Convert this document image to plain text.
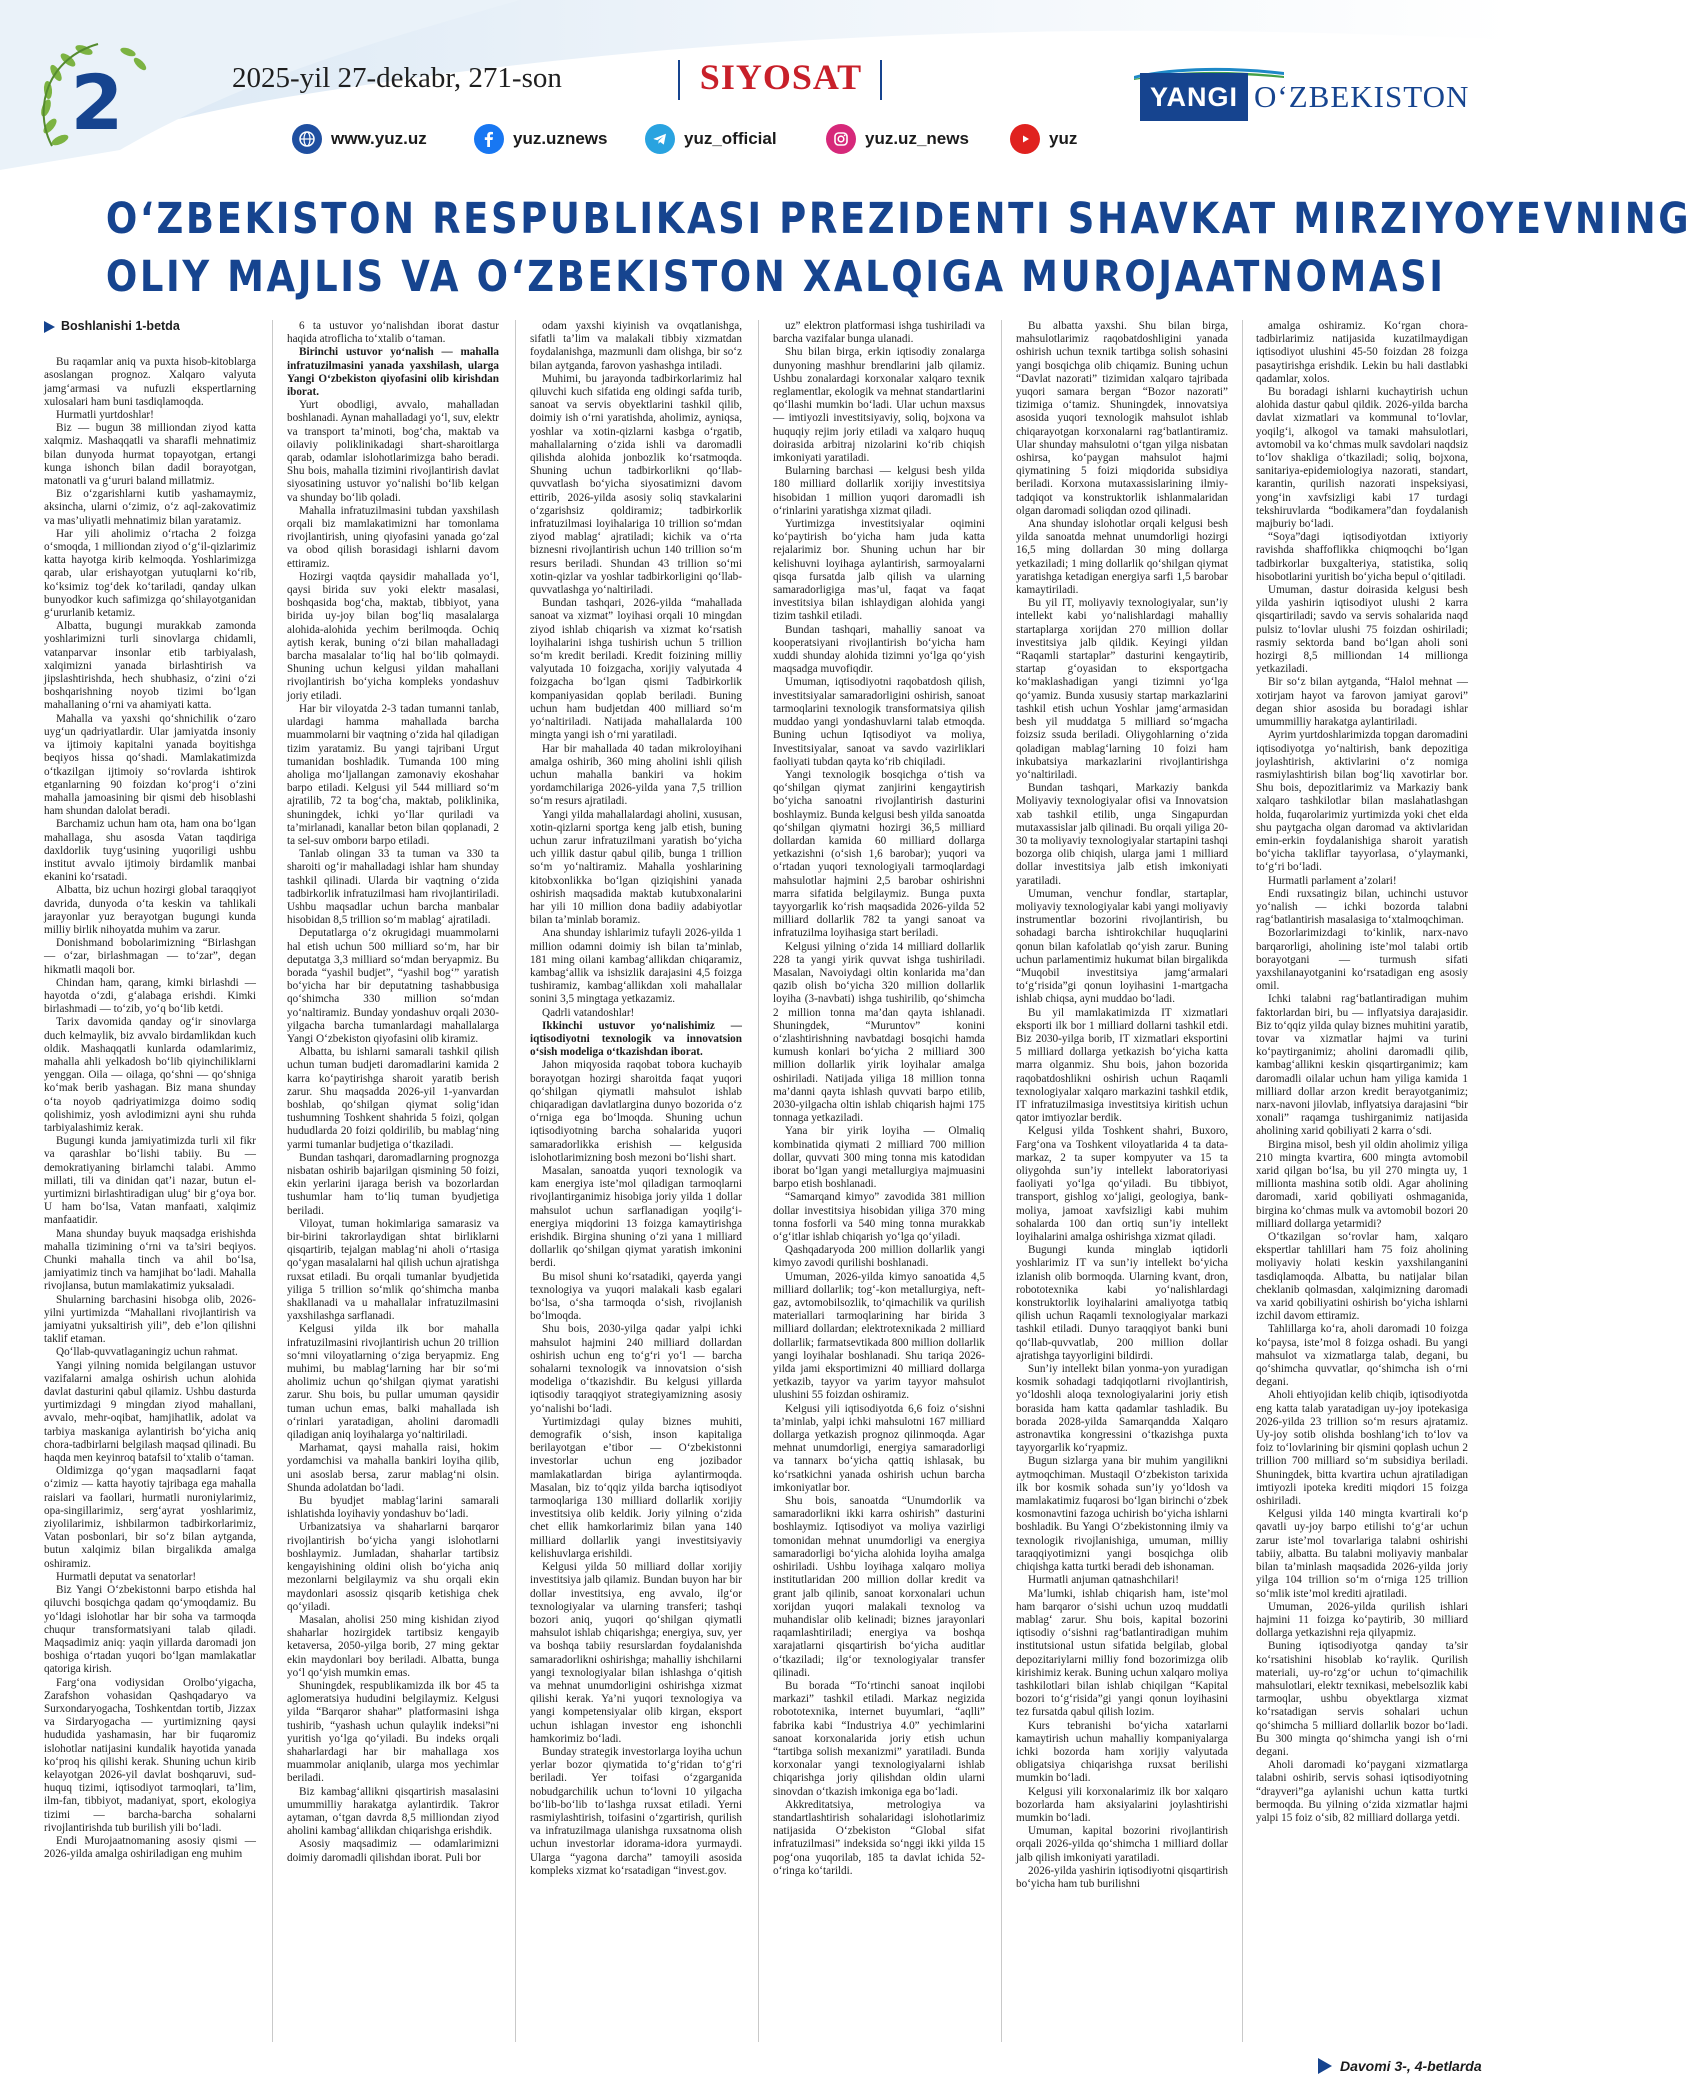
2	2025-yil 27-dekabr, 271-son	SIYOSAT	YANGI O‘ZBEKISTON
www.yuz.uz	yuz.uznews	yuz_official	yuz.uz_news	yuz
O‘ZBEKISTON RESPUBLIKASI PREZIDENTI SHAVKAT MIRZIYOYEVNING
OLIY MAJLIS VA O‘ZBEKISTON XALQIGA MUROJAATNOMASI
Boshlanishi 1-betda

Bu raqamlar aniq va puxta hisob-kitoblarga asoslangan prognoz. Xalqaro valyuta jamg‘armasi va nufuzli ekspertlarning xulosalari ham buni tasdiqlamoqda.

Hurmatli yurtdoshlar!

Biz — bugun 38 milliondan ziyod katta xalqmiz. Mashaqqatli va sharafli mehnatimiz bilan dunyoda hurmat topayotgan, ertangi kunga ishonch bilan dadil borayotgan, matonatli va g‘ururi baland millatmiz.

Biz o‘zgarishlarni kutib yashamaymiz, aksincha, ularni o‘zimiz, o‘z aql-zakovatimiz va mas’uliyatli mehnatimiz bilan yaratamiz.

Har yili aholimiz o‘rtacha 2 foizga o‘smoqda, 1 milliondan ziyod o‘g‘il-qizlarimiz katta hayotga kirib kelmoqda. Yoshlarimizga qarab, ular erishayotgan yutuqlarni ko‘rib, ko‘ksimiz tog‘dek ko‘tariladi, qanday ulkan bunyodkor kuch safimizga qo‘shilayotganidan g‘ururlanib ketamiz.

Albatta, bugungi murakkab zamonda yoshlarimizni turli sinovlarga chidamli, vatanparvar insonlar etib tarbiyalash, xalqimizni yanada birlashtirish va jipslashtirishda, hech shubhasiz, o‘zini o‘zi boshqarishning noyob tizimi bo‘lgan mahallaning o‘rni va ahamiyati katta.

Mahalla va yaxshi qo‘shnichilik o‘zaro uyg‘un qadriyatlardir. Ular jamiyatda insoniy va ijtimoiy kapitalni yanada boyitishga beqiyos hissa qo‘shadi. Mamlakatimizda o‘tkazilgan ijtimoiy so‘rovlarda ishtirok etganlarning 90 foizdan ko‘prog‘i o‘zini mahalla jamoasining bir qismi deb hisoblashi ham shundan dalolat beradi.

Barchamiz uchun ham ota, ham ona bo‘lgan mahallaga, shu asosda Vatan taqdiriga daxldorlik tuyg‘usining yuqoriligi ushbu institut avvalo ijtimoiy birdamlik manbai ekanini ko‘rsatadi.

Albatta, biz uchun hozirgi global taraqqiyot davrida, dunyoda o‘ta keskin va tahlikali jarayonlar yuz berayotgan bugungi kunda milliy birlik nihoyatda muhim va zarur.

Donishmand bobolarimizning “Birlashgan — o‘zar, birlashmagan — to‘zar”, degan hikmatli maqoli bor.

Chindan ham, qarang, kimki birlashdi — hayotda o‘zdi, g‘alabaga erishdi. Kimki birlashmadi — to‘zib, yo‘q bo‘lib ketdi.

Tarix davomida qanday og‘ir sinovlarga duch kelmaylik, biz avvalo birdamlikdan kuch oldik. Mashaqqatli kunlarda odamlarimiz, mahalla ahli yelkadosh bo‘lib qiyinchiliklarni yenggan. Oila — oilaga, qo‘shni — qo‘shniga ko‘mak berib yashagan. Biz mana shunday o‘ta noyob qadriyatimizga doimo sodiq qolishimiz, yosh avlodimizni ayni shu ruhda tarbiyalashimiz kerak.

Bugungi kunda jamiyatimizda turli xil fikr va qarashlar bo‘lishi tabiiy. Bu — demokratiyaning birlamchi talabi. Ammo millati, tili va dinidan qat’i nazar, butun el-yurtimizni birlashtiradigan ulug‘ bir g‘oya bor. U ham bo‘lsa, Vatan manfaati, xalqimiz manfaatidir.

Mana shunday buyuk maqsadga erishishda mahalla tizimining o‘rni va ta’siri beqiyos. Chunki mahalla tinch va ahil bo‘lsa, jamiyatimiz tinch va hamjihat bo‘ladi. Mahalla rivojlansa, butun mamlakatimiz yuksaladi.

Shularning barchasini hisobga olib, 2026-yilni yurtimizda “Mahallani rivojlantirish va jamiyatni yuksaltirish yili”, deb e’lon qilishni taklif etaman.

Qo‘llab-quvvatlaganingiz uchun rahmat.

Yangi yilning nomida belgilangan ustuvor vazifalarni amalga oshirish uchun alohida davlat dasturini qabul qilamiz. Ushbu dasturda yurtimizdagi 9 mingdan ziyod mahallani, avvalo, mehr-oqibat, hamjihatlik, adolat va tarbiya maskaniga aylantirish bo‘yicha aniq chora-tadbirlarni belgilash maqsad qilinadi. Bu haqda men keyinroq batafsil to‘xtalib o‘taman.

Oldimizga qo‘ygan maqsadlarni faqat o‘zimiz — katta hayotiy tajribaga ega mahalla raislari va faollari, hurmatli nuroniylarimiz, opa-singillarimiz, serg‘ayrat yoshlarimiz, ziyolilarimiz, ishbilarmon tadbirkorlarimiz, Vatan posbonlari, bir so‘z bilan aytganda, butun xalqimiz bilan birgalikda amalga oshiramiz.

Hurmatli deputat va senatorlar!

Biz Yangi O‘zbekistonni barpo etishda hal qiluvchi bosqichga qadam qo‘ymoqdamiz. Bu yo‘ldagi islohotlar har bir soha va tarmoqda chuqur transformatsiyani talab qiladi. Maqsadimiz aniq: yaqin yillarda daromadi jon boshiga o‘rtadan yuqori bo‘lgan mamlakatlar qatoriga kirish.

Farg‘ona vodiysidan Orolbo‘yigacha, Zarafshon vohasidan Qashqadaryo va Surxondaryogacha, Toshkentdan tortib, Jizzax va Sirdaryogacha — yurtimizning qaysi hududida yashamasin, har bir fuqaromiz islohotlar natijasini kundalik hayotida yanada ko‘proq his qilishi kerak. Shuning uchun kirib kelayotgan 2026-yil davlat boshqaruvi, sud-huquq tizimi, iqtisodiyot tarmoqlari, ta’lim, ilm-fan, tibbiyot, madaniyat, sport, ekologiya tizimi — barcha-barcha sohalarni rivojlantirishda tub burilish yili bo‘ladi.

Endi Murojaatnomaning asosiy qismi — 2026-yilda amalga oshiriladigan eng muhim

6 ta ustuvor yo‘nalishdan iborat dastur haqida atroflicha to‘xtalib o‘taman.

Birinchi ustuvor yo‘nalish — mahalla infratuzilmasini yanada yaxshilash, ularga Yangi O‘zbekiston qiyofasini olib kirishdan iborat.

Yurt obodligi, avvalo, mahalladan boshlanadi. Aynan mahalladagi yo‘l, suv, elektr va transport ta’minoti, bog‘cha, maktab va oilaviy poliklinikadagi shart-sharoitlarga qarab, odamlar islohotlarimizga baho beradi. Shu bois, mahalla tizimini rivojlantirish davlat siyosatining ustuvor yo‘nalishi bo‘lib kelgan va shunday bo‘lib qoladi.

Mahalla infratuzilmasini tubdan yaxshilash orqali biz mamlakatimizni har tomonlama rivojlantirish, uning qiyofasini yanada go‘zal va obod qilish borasidagi ishlarni davom ettiramiz.

Hozirgi vaqtda qaysidir mahallada yo‘l, qaysi birida suv yoki elektr masalasi, boshqasida bog‘cha, maktab, tibbiyot, yana birida uy-joy bilan bog‘liq masalalarga alohida-alohida yechim berilmoqda. Ochiq aytish kerak, buning o‘zi bilan mahalladagi barcha masalalar to‘liq hal bo‘lib qolmaydi. Shuning uchun kelgusi yildan mahallani rivojlantirish bo‘yicha kompleks yondashuv joriy etiladi.

Har bir viloyatda 2-3 tadan tumanni tanlab, ulardagi hamma mahallada barcha muammolarni bir vaqtning o‘zida hal qiladigan tizim yaratamiz. Bu yangi tajribani Urgut tumanidan boshladik. Tumanda 100 ming aholiga mo‘ljallangan zamonaviy ekoshahar barpo etiladi. Kelgusi yil 544 milliard so‘m ajratilib, 72 ta bog‘cha, maktab, poliklinika, shuningdek, ichki yo‘llar quriladi va ta’mirlanadi, kanallar beton bilan qoplanadi, 2 ta sel-suv omborи barpo etiladi.

Tanlab olingan 33 ta tuman va 330 ta sharoiti og‘ir mahalladagi ishlar ham shunday tashkil qilinadi. Ularda bir vaqtning o‘zida tadbirkorlik infratuzilmasi ham rivojlantiriladi. Ushbu maqsadlar uchun barcha manbalar hisobidan 8,5 trillion so‘m mablag‘ ajratiladi.

Deputatlarga o‘z okrugidagi muammolarni hal etish uchun 500 milliard so‘m, har bir deputatga 3,3 milliard so‘mdan beryapmiz. Bu borada “yashil budjet”, “yashil bog‘” yaratish bo‘yicha har bir deputatning tashabbusiga qo‘shimcha 330 million so‘mdan yo‘naltiramiz. Bunday yondashuv orqali 2030-yilgacha barcha tumanlardagi mahallalarga Yangi O‘zbekiston qiyofasini olib kiramiz.

Albatta, bu ishlarni samarali tashkil qilish uchun tuman budjeti daromadlarini kamida 2 karra ko‘paytirishga sharoit yaratib berish zarur. Shu maqsadda 2026-yil 1-yanvardan boshlab, qo‘shilgan qiymat solig‘idan tushumning Toshkent shahrida 5 foizi, qolgan hududlarda 20 foizi qoldirilib, bu mablag‘ning yarmi tumanlar budjetiga o‘tkaziladi.

Bundan tashqari, daromadlarning prognozga nisbatan oshirib bajarilgan qismining 50 foizi, ekin yerlarini ijaraga berish va bozorlardan tushumlar ham to‘liq tuman byudjetiga beriladi.

Viloyat, tuman hokimlariga samarasiz va bir-birini takrorlaydigan shtat birliklarni qisqartirib, tejalgan mablag‘ni aholi o‘rtasiga qo‘ygan masalalarni hal qilish uchun ajratishga ruxsat etiladi. Bu orqali tumanlar byudjetida yiliga 5 trillion so‘mlik qo‘shimcha manba shakllanadi va u mahallalar infratuzilmasini yaxshilashga sarflanadi.

Kelgusi yilda ilk bor mahalla infratuzilmasini rivojlantirish uchun 20 trillion so‘mni viloyatlarning o‘ziga beryapmiz. Eng muhimi, bu mablag‘larning har bir so‘mi aholimiz uchun qo‘shilgan qiymat yaratishi zarur. Shu bois, bu pullar umuman qaysidir tuman uchun emas, balki mahallada ish o‘rinlari yaratadigan, aholini daromadli qiladigan aniq loyihalarga yo‘naltiriladi.

Marhamat, qaysi mahalla raisi, hokim yordamchisi va mahalla bankiri loyiha qilib, uni asoslab bersa, zarur mablag‘ni olsin. Shunda adolatdan bo‘ladi.

Bu byudjet mablag‘larini samarali ishlatishda loyihaviy yondashuv bo‘ladi.

Urbanizatsiya va shaharlarni barqaror rivojlantirish bo‘yicha yangi islohotlarni boshlaymiz. Jumladan, shaharlar tartibsiz kengayishining oldini olish bo‘yicha aniq mezonlarni belgilaymiz va shu orqali ekin maydonlari asossiz qisqarib ketishiga chek qo‘yiladi.

Masalan, aholisi 250 ming kishidan ziyod shaharlar hozirgidek tartibsiz kengayib ketaversa, 2050-yilga borib, 27 ming gektar ekin maydonlari boy beriladi. Albatta, bunga yo‘l qo‘yish mumkin emas.

Shuningdek, respublikamizda ilk bor 45 ta aglomeratsiya hududini belgilaymiz. Kelgusi yilda “Barqaror shahar” platformasini ishga tushirib, “yashash uchun qulaylik indeksi”ni yuritish yo‘lga qo‘yiladi. Bu indeks orqali shaharlardagi har bir mahallaga xos muammolar aniqlanib, ularga mos yechimlar beriladi.

Biz kambag‘allikni qisqartirish masalasini umummilliy harakatga aylantirdik. Takror aytaman, o‘tgan davrda 8,5 milliondan ziyod aholini kambag‘allikdan chiqarishga erishdik.

Asosiy maqsadimiz — odamlarimizni doimiy daromadli qilishdan iborat. Puli bor

odam yaxshi kiyinish va ovqatlanishga, sifatli ta’lim va malakali tibbiy xizmatdan foydalanishga, mazmunli dam olishga, bir so‘z bilan aytganda, farovon yashashga intiladi.

Muhimi, bu jarayonda tadbirkorlarimiz hal qiluvchi kuch sifatida eng oldingi safda turib, sanoat va servis obyektlarini tashkil qilib, doimiy ish o‘rni yaratishda, aholimiz, ayniqsa, yoshlar va xotin-qizlarni kasbga o‘rgatib, mahallalarning o‘zida ishli va daromadli qilishda alohida jonbozlik ko‘rsatmoqda. Shuning uchun tadbirkorlikni qo‘llab-quvvatlash bo‘yicha siyosatimizni davom ettirib, 2026-yilda asosiy soliq stavkalarini o‘zgarishsiz qoldiramiz; tadbirkorlik infratuzilmasi loyihalariga 10 trillion so‘mdan ziyod mablag‘ ajratiladi; kichik va o‘rta biznesni rivojlantirish uchun 140 trillion so‘m resurs beriladi. Shundan 43 trillion so‘mi xotin-qizlar va yoshlar tadbirkorligini qo‘llab-quvvatlashga yo‘naltiriladi.

Bundan tashqari, 2026-yilda “mahallada sanoat va xizmat” loyihasi orqali 10 mingdan ziyod ishlab chiqarish va xizmat ko‘rsatish loyihalarini ishga tushirish uchun 5 trillion so‘m kredit beriladi. Kredit foizining milliy valyutada 10 foizgacha, xorijiy valyutada 4 foizgacha bo‘lgan qismi Tadbirkorlik kompaniyasidan qoplab beriladi. Buning uchun ham budjetdan 400 milliard so‘m yo‘naltiriladi. Natijada mahallalarda 100 mingta yangi ish o‘rni yaratiladi.

Har bir mahallada 40 tadan mikroloyihani amalga oshirib, 360 ming aholini ishli qilish uchun mahalla bankiri va hokim yordamchilariga 2026-yilda yana 7,5 trillion so‘m resurs ajratiladi.

Yangi yilda mahallalardagi aholini, xususan, xotin-qizlarni sportga keng jalb etish, buning uchun zarur infratuzilmani yaratish bo‘yicha uch yillik dastur qabul qilib, bunga 1 trillion so‘m yo‘naltiramiz. Mahalla yoshlarining kitobxonlikka bo‘lgan qiziqishini yanada oshirish maqsadida maktab kutubxonalarini har yili 10 million dona badiiy adabiyotlar bilan ta’minlab boramiz.

Ana shunday ishlarimiz tufayli 2026-yilda 1 million odamni doimiy ish bilan ta’minlab, 181 ming oilani kambag‘allikdan chiqaramiz, kambag‘allik va ishsizlik darajasini 4,5 foizga tushiramiz, kambag‘allikdan xoli mahallalar sonini 3,5 mingtaga yetkazamiz.

Qadrli vatandoshlar!

Ikkinchi ustuvor yo‘nalishimiz — iqtisodiyotni texnologik va innovatsion o‘sish modeliga o‘tkazishdan iborat.

Jahon miqyosida raqobat tobora kuchayib borayotgan hozirgi sharoitda faqat yuqori qo‘shilgan qiymatli mahsulot ishlab chiqaradigan davlatlargina dunyo bozorida o‘z o‘rniga ega bo‘lmoqda. Shuning uchun iqtisodiyotning barcha sohalarida yuqori samaradorlikka erishish — kelgusida islohotlarimizning bosh mezoni bo‘lishi shart.

Masalan, sanoatda yuqori texnologik va kam energiya iste’mol qiladigan tarmoqlarni rivojlantirganimiz hisobiga joriy yilda 1 dollar mahsulot uchun sarflanadigan yoqilg‘i-energiya miqdorini 13 foizga kamaytirishga erishdik. Birgina shuning o‘zi yana 1 milliard dollarlik qo‘shilgan qiymat yaratish imkonini berdi.

Bu misol shuni ko‘rsatadiki, qayerda yangi texnologiya va yuqori malakali kasb egalari bo‘lsa, o‘sha tarmoqda o‘sish, rivojlanish bo‘lmoqda.

Shu bois, 2030-yilga qadar yalpi ichki mahsulot hajmini 240 milliard dollardan oshirish uchun eng to‘g‘ri yo‘l — barcha sohalarni texnologik va innovatsion o‘sish modeliga o‘tkazishdir. Bu kelgusi yillarda iqtisodiy taraqqiyot strategiyamizning asosiy yo‘nalishi bo‘ladi.

Yurtimizdagi qulay biznes muhiti, demografik o‘sish, inson kapitaliga berilayotgan e’tibor — O‘zbekistonni investorlar uchun eng jozibador mamlakatlardan biriga aylantirmoqda. Masalan, biz to‘qqiz yilda barcha iqtisodiyot tarmoqlariga 130 milliard dollarlik xorijiy investitsiya olib keldik. Joriy yilning o‘zida chet ellik hamkorlarimiz bilan yana 140 milliard dollarlik yangi investitsiyaviy kelishuvlarga erishildi.

Kelgusi yilda 50 milliard dollar xorijiy investitsiya jalb qilamiz. Bundan buyon har bir dollar investitsiya, eng avvalo, ilg‘or texnologiyalar va ularning transferi; tashqi bozori aniq, yuqori qo‘shilgan qiymatli mahsulot ishlab chiqarishga; energiya, suv, yer va boshqa tabiiy resurslardan foydalanishda samaradorlikni oshirishga; mahalliy ishchilarni yangi texnologiyalar bilan ishlashga o‘qitish va mehnat unumdorligini oshirishga xizmat qilishi kerak. Ya’ni yuqori texnologiya va yangi kompetensiyalar olib kirgan, eksport uchun ishlagan investor eng ishonchli hamkorimiz bo‘ladi.

Bunday strategik investorlarga loyiha uchun yerlar bozor qiymatida to‘g‘ridan to‘g‘ri beriladi. Yer toifasi o‘zgarganida nobudgarchilik uchun to‘lovni 10 yilgacha bo‘lib-bo‘lib to‘lashga ruxsat etiladi. Yerni rasmiylashtirish, toifasini o‘zgartirish, qurilish va infratuzilmaga ulanishga ruxsatnoma olish uchun investorlar idorama-idora yurmaydi. Ularga “yagona darcha” tamoyili asosida kompleks xizmat ko‘rsatadigan “invest.gov.

uz” elektron platformasi ishga tushiriladi va barcha vazifalar bunga ulanadi.

Shu bilan birga, erkin iqtisodiy zonalarga dunyoning mashhur brendlarini jalb qilamiz. Ushbu zonalardagi korxonalar xalqaro texnik reglamentlar, ekologik va mehnat standartlarini qo‘llashi mumkin bo‘ladi. Ular uchun maxsus — imtiyozli investitsiyaviy, soliq, bojxona va huquqiy rejim joriy etiladi va xalqaro huquq doirasida arbitraj nizolarini ko‘rib chiqish imkoniyati yaratiladi.

Bularning barchasi — kelgusi besh yilda 180 milliard dollarlik xorijiy investitsiya hisobidan 1 million yuqori daromadli ish o‘rinlarini yaratishga xizmat qiladi.

Yurtimizga investitsiyalar oqimini ko‘paytirish bo‘yicha ham juda katta rejalarimiz bor. Shuning uchun har bir kelishuvni loyihaga aylantirish, sarmoyalarni qisqa fursatda jalb qilish va ularning samaradorligiga mas’ul, faqat va faqat investitsiya bilan ishlaydigan alohida yangi tizim tashkil etiladi.

Bundan tashqari, mahalliy sanoat va kooperatsiyani rivojlantirish bo‘yicha ham xuddi shunday alohida tizimni yo‘lga qo‘yish maqsadga muvofiqdir.

Umuman, iqtisodiyotni raqobatdosh qilish, investitsiyalar samaradorligini oshirish, sanoat tarmoqlarini texnologik transformatsiya qilish muddaо yangi yondashuvlarni talab etmoqda. Buning uchun Iqtisodiyot va moliya, Investitsiyalar, sanoat va savdo vazirliklari faoliyati tubdan qayta ko‘rib chiqiladi.

Yangi texnologik bosqichga o‘tish va qo‘shilgan qiymat zanjirini kengaytirish bo‘yicha sanoatni rivojlantirish dasturini boshlaymiz. Bunda kelgusi besh yilda sanoatda qo‘shilgan qiymatni hozirgi 36,5 milliard dollardan kamida 60 milliard dollarga yetkazishni (o‘sish 1,6 barobar); yuqori va o‘rtadan yuqori texnologiyali tarmoqlardagi mahsulotlar hajmini 2,5 barobar oshirishni marra sifatida belgilaymiz. Bunga puxta tayyorgarlik ko‘rish maqsadida 2026-yilda 52 milliard dollarlik 782 ta yangi sanoat va infratuzilma loyihasiga start beriladi.

Kelgusi yilning o‘zida 14 milliard dollarlik 228 ta yangi yirik quvvat ishga tushiriladi. Masalan, Navoiydagi oltin konlarida ma’dan qazib olish bo‘yicha 320 million dollarlik loyiha (3-navbati) ishga tushirilib, qo‘shimcha 2 million tonna ma’dan qayta ishlanadi. Shuningdek, “Muruntov” konini o‘zlashtirishning navbatdagi bosqichi hamda kumush konlari bo‘yicha 2 milliard 300 million dollarlik yirik loyihalar amalga oshiriladi. Natijada yiliga 18 million tonna ma’danni qayta ishlash quvvati barpo etilib, 2030-yilgacha oltin ishlab chiqarish hajmi 175 tonnaga yetkaziladi.

Yana bir yirik loyiha — Olmaliq kombinatida qiymati 2 milliard 700 million dollar, quvvati 300 ming tonna mis katodidan iborat bo‘lgan yangi metallurgiya majmuasini barpo etish boshlanadi.

“Samarqand kimyo” zavodida 381 million dollar investitsiya hisobidan yiliga 370 ming tonna fosforli va 540 ming tonna murakkab o‘g‘itlar ishlab chiqarish yo‘lga qo‘yiladi.

Qashqadaryoda 200 million dollarlik yangi kimyo zavodi qurilishi boshlanadi.

Umuman, 2026-yilda kimyo sanoatida 4,5 milliard dollarlik; tog‘-kon metallurgiya, neft-gaz, avtomobilsozlik, to‘qimachilik va qurilish materiallari tarmoqlarining har birida 3 milliard dollardan; elektrotexnikada 2 milliard dollarlik; farmatsevtikada 800 million dollarlik yangi loyihalar boshlanadi. Shu tariqa 2026-yilda jami eksportimizni 40 milliard dollarga yetkazib, tayyor va yarim tayyor mahsulot ulushini 55 foizdan oshiramiz.

Kelgusi yili iqtisodiyotda 6,6 foiz o‘sishni ta’minlab, yalpi ichki mahsulotni 167 milliard dollarga yetkazish prognoz qilinmoqda. Agar mehnat unumdorligi, energiya samaradorligi va tannarx bo‘yicha qattiq ishlasak, bu ko‘rsatkichni yanada oshirish uchun barcha imkoniyatlar bor.

Shu bois, sanoatda “Unumdorlik va samaradorlikni ikki karra oshirish” dasturini boshlaymiz. Iqtisodiyot va moliya vazirligi tomonidan mehnat unumdorligi va energiya samaradorligi bo‘yicha alohida loyiha amalga oshiriladi. Ushbu loyihaga xalqaro moliya institutlaridan 200 million dollar kredit va grant jalb qilinib, sanoat korxonalari uchun xorijdan yuqori malakali texnolog va muhandislar olib kelinadi; biznes jarayonlari raqamlashtiriladi; energiya va boshqa xarajatlarni qisqartirish bo‘yicha auditlar o‘tkaziladi; ilg‘or texnologiyalar transfer qilinadi.

Bu borada “To‘rtinchi sanoat inqilobi markazi” tashkil etiladi. Markaz negizida robototexnika, internet buyumlari, “aqlli” fabrika kabi “Industriya 4.0” yechimlarini sanoat korxonalarida joriy etish uchun “tartibga solish mexanizmi” yaratiladi. Bunda korxonalar yangi texnologiyalarni ishlab chiqarishga joriy qilishdan oldin ularni sinovdan o‘tkazish imkoniga ega bo‘ladi.

Akkreditatsiya, metrologiya va standartlashtirish sohalaridagi islohotlarimiz natijasida O‘zbekiston “Global sifat infratuzilmasi” indeksida so‘nggi ikki yilda 15 pog‘ona yuqorilab, 185 ta davlat ichida 52-o‘ringa ko‘tarildi.

Bu albatta yaxshi. Shu bilan birga, mahsulotlarimiz raqobatdoshligini yanada oshirish uchun texnik tartibga solish sohasini yangi bosqichga olib chiqamiz. Buning uchun “Davlat nazorati” tizimidan xalqaro tajribada yuqori samara bergan “Bozor nazorati” tizimiga o‘tamiz. Shuningdek, innovatsiya asosida yuqori texnologik mahsulot ishlab chiqarayotgan korxonalarni rag‘batlantiramiz. Ular shunday mahsulotni o‘tgan yilga nisbatan oshirsa, ko‘paygan mahsulot hajmi qiymatining 5 foizi miqdorida subsidiya beriladi. Korxona mutaxassislarining ilmiy-tadqiqot va konstruktorlik ishlanmalaridan olgan daromadi soliqdan ozod qilinadi.

Ana shunday islohotlar orqali kelgusi besh yilda sanoatda mehnat unumdorligi hozirgi 16,5 ming dollardan 30 ming dollarga yetkaziladi; 1 ming dollarlik qo‘shilgan qiymat yaratishga ketadigan energiya sarfi 1,5 barobar kamaytiriladi.

Bu yil IT, moliyaviy texnologiyalar, sun’iy intellekt kabi yo‘nalishlardagi mahalliy startaplarga xorijdan 270 million dollar investitsiya jalb qildik. Keyingi yildan “Raqamli startaplar” dasturini kengaytirib, startap g‘oyasidan to eksportgacha ko‘maklashadigan yangi tizimni yo‘lga qo‘yamiz. Bunda xususiy startap markazlarini tashkil etish uchun Yoshlar jamg‘armasidan besh yil muddatga 5 milliard so‘mgacha foizsiz ssuda beriladi. Oliygohlarning o‘zida qoladigan mablag‘larning 10 foizi ham inkubatsiya markazlarini rivojlantirishga yo‘naltiriladi.

Bundan tashqari, Markaziy bankda Moliyaviy texnologiyalar ofisi va Innovatsion xab tashkil etilib, unga Singapurdan mutaxassislar jalb qilinadi. Bu orqali yiliga 20-30 ta moliyaviy texnologiyalar startapini tashqi bozorga olib chiqish, ularga jami 1 milliard dollar investitsiya jalb etish imkoniyati yaratiladi.

Umuman, venchur fondlar, startaplar, moliyaviy texnologiyalar kabi yangi moliyaviy instrumentlar bozorini rivojlantirish, bu sohadagi barcha ishtirokchilar huquqlarini qonun bilan kafolatlab qo‘yish zarur. Buning uchun parlamentimiz hukumat bilan birgalikda “Muqobil investitsiya jamg‘armalari to‘g‘risida”gi qonun loyihasini 1-martgacha ishlab chiqsa, ayni muddao bo‘ladi.

Bu yil mamlakatimizda IT xizmatlari eksporti ilk bor 1 milliard dollarni tashkil etdi. Biz 2030-yilga borib, IT xizmatlari eksportini 5 milliard dollarga yetkazish bo‘yicha katta marra olganmiz. Shu bois, jahon bozorida raqobatdoshlikni oshirish uchun Raqamli texnologiyalar xalqaro markazini tashkil etdik, IT infratuzilmasiga investitsiya kiritish uchun qator imtiyozlar berdik.

Kelgusi yilda Toshkent shahri, Buxoro, Farg‘ona va Toshkent viloyatlarida 4 ta data-markaz, 2 ta super kompyuter va 15 ta oliygohda sun’iy intellekt laboratoriyasi faoliyati yo‘lga qo‘yiladi. Bu tibbiyot, transport, gishlog xo‘jaligi, geologiya, bank-moliya, jamoat xavfsizligi kabi muhim sohalarda 100 dan ortiq sun’iy intellekt loyihalarini amalga oshirishga xizmat qiladi.

Bugungi kunda minglab iqtidorli yoshlarimiz IT va sun’iy intellekt bo‘yicha izlanish olib bormoqda. Ularning kvant, dron, robototexnika kabi yo‘nalishlardagi konstruktorlik loyihalarini amaliyotga tatbiq qilish uchun Raqamli texnologiyalar markazi tashkil etiladi. Dunyo taraqqiyot banki buni qo‘llab-quvvatlab, 200 million dollar ajratishga tayyorligini bildirdi.

Sun’iy intellekt bilan yonma-yon yuradigan kosmik sohadagi tadqiqotlarni rivojlantirish, yo‘ldoshli aloqa texnologiyalarini joriy etish borasida ham katta qadamlar tashladik. Bu borada 2028-yilda Samarqandda Xalqaro astronavtika kongressini o‘tkazishga puxta tayyorgarlik ko‘ryapmiz.

Bugun sizlarga yana bir muhim yangilikni aytmoqchiman. Mustaqil O‘zbekiston tarixida ilk bor kosmik sohada sun’iy yo‘ldosh va mamlakatimiz fuqarosi bo‘lgan birinchi o‘zbek kosmonavtini fazoga uchirish bo‘yicha ishlarni boshladik. Bu Yangi O‘zbekistonning ilmiy va texnologik rivojlanishiga, umuman, milliy taraqqiyotimizni yangi bosqichga olib chiqishga katta turtki beradi deb ishonaman.

Hurmatli anjuman qatnashchilari!

Ma’lumki, ishlab chiqarish ham, iste’mol ham barqaror o‘sishi uchun uzoq muddatli mablag‘ zarur. Shu bois, kapital bozorini iqtisodiy o‘sishni rag‘batlantiradigan muhim institutsional ustun sifatida belgilab, global depozitariylarni milliy fond bozorimizga olib kirishimiz kerak. Buning uchun xalqaro moliya tashkilotlari bilan ishlab chiqilgan “Kapital bozori to‘g‘risida”gi yangi qonun loyihasini tez fursatda qabul qilish lozim.

Kurs tebranishi bo‘yicha xatarlarni kamaytirish uchun mahalliy kompaniyalarga ichki bozorda ham xorijiy valyutada obligatsiya chiqarishga ruxsat berilishi mumkin bo‘ladi.

Kelgusi yili korxonalarimiz ilk bor xalqaro bozorlarda ham aksiyalarini joylashtirishi mumkin bo‘ladi.

Umuman, kapital bozorini rivojlantirish orqali 2026-yilda qo‘shimcha 1 milliard dollar jalb qilish imkoniyati yaratiladi.

2026-yilda yashirin iqtisodiyotni qisqartirish bo‘yicha ham tub burilishni

amalga oshiramiz. Ko‘rgan chora-tadbirlarimiz natijasida kuzatilmaydigan iqtisodiyot ulushini 45-50 foizdan 28 foizga pasaytirishga erishdik. Lekin bu hali dastlabki qadamlar, xolos.

Bu boradagi ishlarni kuchaytirish uchun alohida dastur qabul qildik. 2026-yilda barcha davlat xizmatlari va kommunal to‘lovlar, yoqilg‘i, alkogol va tamaki mahsulotlari, avtomobil va ko‘chmas mulk savdolari naqdsiz to‘lov shakliga o‘tkaziladi; soliq, bojxona, sanitariya-epidemiologiya nazorati, standart, karantin, qurilish nazorati inspeksiyasi, yong‘in xavfsizligi kabi 17 turdagi tekshiruvlarda “bodikamera”dan foydalanish majburiy bo‘ladi.

“Soya”dagi iqtisodiyotdan ixtiyoriy ravishda shaffoflikka chiqmoqchi bo‘lgan tadbirkorlar buxgalteriya, statistika, soliq hisobotlarini yuritish bo‘yicha bepul o‘qitiladi.

Umuman, dastur doirasida kelgusi besh yilda yashirin iqtisodiyot ulushi 2 karra qisqartiriladi; savdo va servis sohalarida naqd pulsiz to‘lovlar ulushi 75 foizdan oshiriladi; rasmiy sektorda band bo‘lgan aholi soni hozirgi 8,5 milliondan 14 millionga yetkaziladi.

Bir so‘z bilan aytganda, “Halol mehnat — xotirjam hayot va farovon jamiyat garovi” degan shior asosida bu boradagi ishlar umummilliy harakatga aylantiriladi.

Ayrim yurtdoshlarimizda topgan daromadini iqtisodiyotga yo‘naltirish, bank depozitiga joylashtirish, aktivlarini o‘z nomiga rasmiylashtirish bilan bog‘liq xavotirlar bor. Shu bois, depozitlarimiz va Markaziy bank xalqaro tashkilotlar bilan maslahatlashgan holda, fuqarolarimiz yurtimizda yoki chet elda shu paytgacha olgan daromad va aktivlaridan emin-erkin foydalanishiga sharoit yaratish bo‘yicha takliflar tayyorlasa, o‘ylaymanki, to‘g‘ri bo‘ladi.

Hurmatli parlament a’zolari!

Endi ruxsatingiz bilan, uchinchi ustuvor yo‘nalish — ichki bozorda talabni rag‘batlantirish masalasiga to‘xtalmoqchiman.

Bozorlarimizdagi to‘kinlik, narx-navo barqarorligi, aholining iste’mol talabi ortib borayotgani — turmush sifati yaxshilanayotganini ko‘rsatadigan eng asosiy omil.

Ichki talabni rag‘batlantiradigan muhim faktorlardan biri, bu — inflyatsiya darajasidir. Biz to‘qqiz yilda qulay biznes muhitini yaratib, tovar va xizmatlar hajmi va turini ko‘paytirganimiz; aholini daromadli qilib, kambag‘allikni keskin qisqartirganimiz; kam daromadli oilalar uchun ham yiliga kamida 1 milliard dollar arzon kredit berayotganimiz; narx-navoni jilovlab, inflyatsiya darajasini “bir xonali” raqamga tushirganimiz natijasida aholining xarid qobiliyati 2 karra o‘sdi.

Birgina misol, besh yil oldin aholimiz yiliga 210 mingta kvartira, 600 mingta avtomobil xarid qilgan bo‘lsa, bu yil 270 mingta uy, 1 millionta mashina sotib oldi. Agar aholining daromadi, xarid qobiliyati oshmaganida, birgina ko‘chmas mulk va avtomobil bozori 20 milliard dollarga yetarmidi?

O‘tkazilgan so‘rovlar ham, xalqaro ekspertlar tahlillari ham 75 foiz aholining moliyaviy holati keskin yaxshilanganini tasdiqlamoqda. Albatta, bu natijalar bilan cheklanib qolmasdan, xalqimizning daromadi va xarid qobiliyatini oshirish bo‘yicha ishlarni izchil davom ettiramiz.

Tahlillarga ko‘ra, aholi daromadi 10 foizga ko‘paysa, iste’mol 8 foizga oshadi. Bu yangi mahsulot va xizmatlarga talab, degani, bu qo‘shimcha quvvatlar, qo‘shimcha ish o‘rni degani.

Aholi ehtiyojidan kelib chiqib, iqtisodiyotda eng katta talab yaratadigan uy-joy ipotekasiga 2026-yilda 23 trillion so‘m resurs ajratamiz. Uy-joy sotib olishda boshlang‘ich to‘lov va foiz to‘lovlarining bir qismini qoplash uchun 2 trillion 700 milliard so‘m subsidiya beriladi. Shuningdek, bitta kvartira uchun ajratiladigan imtiyozli ipoteka krediti miqdori 15 foizga oshiriladi.

Kelgusi yilda 140 mingta kvartirali ko‘p qavatli uy-joy barpo etilishi to‘g‘ar uchun zarur iste’mol tovarlariga talabni oshirishi tabiiy, albatta. Bu talabni moliyaviy manbalar bilan ta’minlash maqsadida 2026-yilda joriy yilga 104 trillion so‘m o‘rniga 125 trillion so‘mlik iste’mol krediti ajratiladi.

Umuman, 2026-yilda qurilish ishlari hajmini 11 foizga ko‘paytirib, 30 milliard dollarga yetkazishni reja qilyapmiz.

Buning iqtisodiyotga qanday ta’sir ko‘rsatishini hisoblab ko‘raylik. Qurilish materiali, uy-ro‘zg‘or uchun to‘qimachilik mahsulotlari, elektr texnikasi, mebelsozlik kabi tarmoqlar, ushbu obyektlarga xizmat ko‘rsatadigan servis sohalari uchun qo‘shimcha 5 milliard dollarlik bozor bo‘ladi. Bu 300 mingta qo‘shimcha yangi ish o‘rni degani.

Aholi daromadi ko‘paygani xizmatlarga talabni oshirib, servis sohasi iqtisodiyotning “drayveri”ga aylanishi uchun katta turtki bermoqda. Bu yilning o‘zida xizmatlar hajmi yalpi 15 foiz o‘sib, 82 milliard dollarga yetdi.

Davomi 3-, 4-betlarda
